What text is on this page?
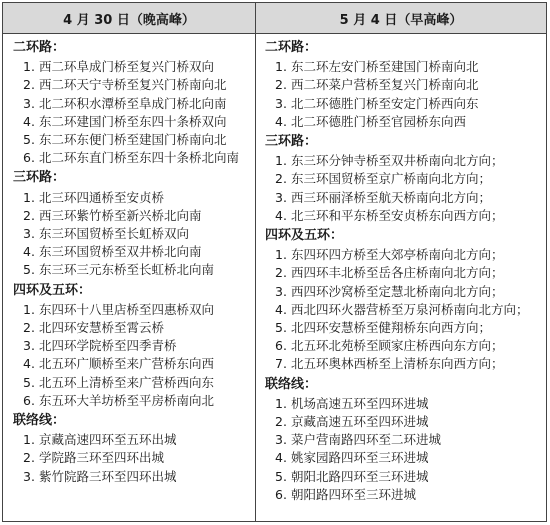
4 月 30 日（晚高峰）	5 月 4 日（早高峰）
二环路：
1. 西二环阜成门桥至复兴门桥双向
2. 西二环天宁寺桥至复兴门桥南向北
3. 北二环积水潭桥至阜成门桥北向南
4. 东二环建国门桥至东四十条桥双向
5. 东二环东便门桥至建国门桥南向北
6. 北二环东直门桥至东四十条桥北向南
三环路：
1. 北三环四通桥至安贞桥
2. 西三环紫竹桥至新兴桥北向南
3. 东三环国贸桥至长虹桥双向
4. 东三环国贸桥至双井桥北向南
5. 东三环三元东桥至长虹桥北向南
四环及五环：
1. 东四环十八里店桥至四惠桥双向
2. 北四环安慧桥至霄云桥
3. 北四环学院桥至四季青桥
4. 北五环广顺桥至来广营桥东向西
5. 北五环上清桥至来广营桥西向东
6. 东五环大羊坊桥至平房桥南向北
联络线：
1. 京藏高速四环至五环出城
2. 学院路三环至四环出城
3. 紫竹院路三环至四环出城
二环路：
1. 东二环左安门桥至建国门桥南向北
2. 西二环菜户营桥至复兴门桥南向北
3. 北二环德胜门桥至安定门桥西向东
4. 北二环德胜门桥至官园桥东向西
三环路：
1. 东三环分钟寺桥至双井桥南向北方向；
2. 东三环国贸桥至京广桥南向北方向；
3. 西三环丽泽桥至航天桥南向北方向；
4. 北三环和平东桥至安贞桥东向西方向；
四环及五环：
1. 东四环四方桥至大郊亭桥南向北方向；
2. 西四环丰北桥至岳各庄桥南向北方向；
3. 西四环沙窝桥至定慧北桥南向北方向；
4. 西北四环火器营桥至万泉河桥南向北方向；
5. 北四环安慧桥至健翔桥东向西方向；
6. 北五环北苑桥至顾家庄桥西向东方向；
7. 北五环奥林西桥至上清桥东向西方向；
联络线：
1. 机场高速五环至四环进城
2. 京藏高速五环至四环进城
3. 菜户营南路四环至二环进城
4. 姚家园路四环至三环进城
5. 朝阳北路四环至三环进城
6. 朝阳路四环至三环进城
